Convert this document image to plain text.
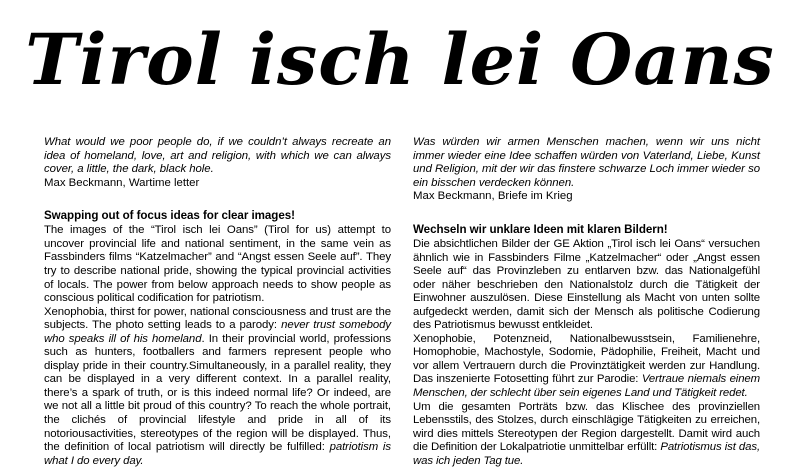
Tirol isch lei Oans

What would we poor people do, if we couldn’t always recreate an idea of homeland, love, art and religion, with which we can always cover, a little, the dark, black hole.

Max Beckmann, Wartime letter

Swapping out of focus ideas for clear images!

The images of the “Tirol isch lei Oans” (Tirol for us) attempt to uncover provincial life and national sentiment, in the same vein as Fassbinders films “Katzelmacher” and “Angst essen Seele auf”. They try to describe national pride, showing the typical provincial activities of locals. The power from below approach needs to show people as conscious political codification for patriotism.

Xenophobia, thirst for power, national consciousness and trust are the subjects. The photo setting leads to a parody: never trust somebody who speaks ill of his homeland. In their provincial world, professions such as hunters, footballers and farmers represent people who display pride in their country.Simultaneously, in a parallel reality, they can be displayed in a very different context. In a parallel reality, there’s a spark of truth, or is this indeed normal life? Or indeed, are we not all a little bit proud of this country? To reach the whole portrait, the clichés of provincial lifestyle and pride in all of its notoriousactivities, stereotypes of the region will be displayed. Thus, the definition of local patriotism will directly be fulfilled: patriotism is what I do every day.

Was würden wir armen Menschen machen, wenn wir uns nicht immer wieder eine Idee schaffen würden von Vaterland, Liebe, Kunst und Religion, mit der wir das finstere schwarze Loch immer wieder so ein bisschen verdecken können.

Max Beckmann, Briefe im Krieg

Wechseln wir unklare Ideen mit klaren Bildern!

Die absichtlichen Bilder der GE Aktion „Tirol isch lei Oans“ versuchen ähnlich wie in Fassbinders Filme „Katzelmacher“ oder „Angst essen Seele auf“ das Provinzleben zu entlarven bzw. das Nationalgefühl oder näher beschrieben den Nationalstolz durch die Tätigkeit der Einwohner auszulösen. Diese Einstellung als Macht von unten sollte aufgedeckt werden, damit sich der Mensch als politische Codierung des Patriotismus bewusst entkleidet.

Xenophobie, Potenzneid, Nationalbewusstsein, Familienehre, Homophobie, Machostyle, Sodomie, Pädophilie, Freiheit, Macht und vor allem Vertrauern durch die Provinztätigkeit werden zur Handlung. Das inszenierte Fotosetting führt zur Parodie: Vertraue niemals einem Menschen, der schlecht über sein eigenes Land und Tätigkeit redet.

Um die gesamten Porträts bzw. das Klischee des provinziellen Lebensstils, des Stolzes, durch einschlägige Tätigkeiten zu erreichen, wird dies mittels Stereotypen der Region dargestellt. Damit wird auch die Definition der Lokalpatriotie unmittelbar erfüllt: Patriotismus ist das, was ich jeden Tag tue.
